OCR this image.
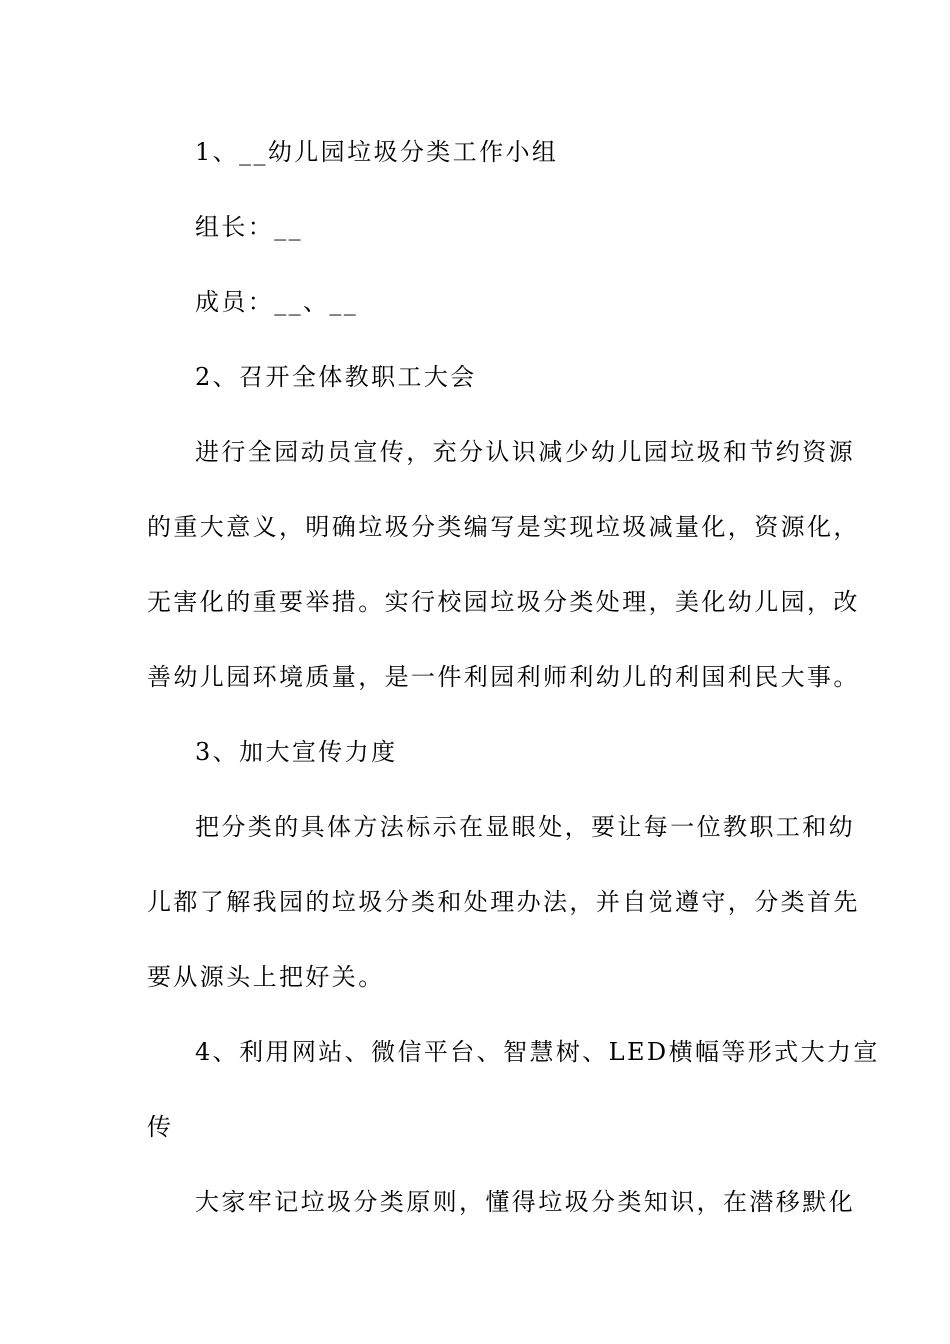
1、__幼儿园垃圾分类工作小组
组长：__
成员：__、__
2、召开全体教职工大会
进行全园动员宣传，充分认识减少幼儿园垃圾和节约资源
的重大意义，明确垃圾分类编写是实现垃圾减量化，资源化，
无害化的重要举措。实行校园垃圾分类处理，美化幼儿园，改
善幼儿园环境质量，是一件利园利师利幼儿的利国利民大事。
3、加大宣传力度
把分类的具体方法标示在显眼处，要让每一位教职工和幼
儿都了解我园的垃圾分类和处理办法，并自觉遵守，分类首先
要从源头上把好关。
4、利用网站、微信平台、智慧树、LED横幅等形式大力宣
传
大家牢记垃圾分类原则，懂得垃圾分类知识，在潜移默化
